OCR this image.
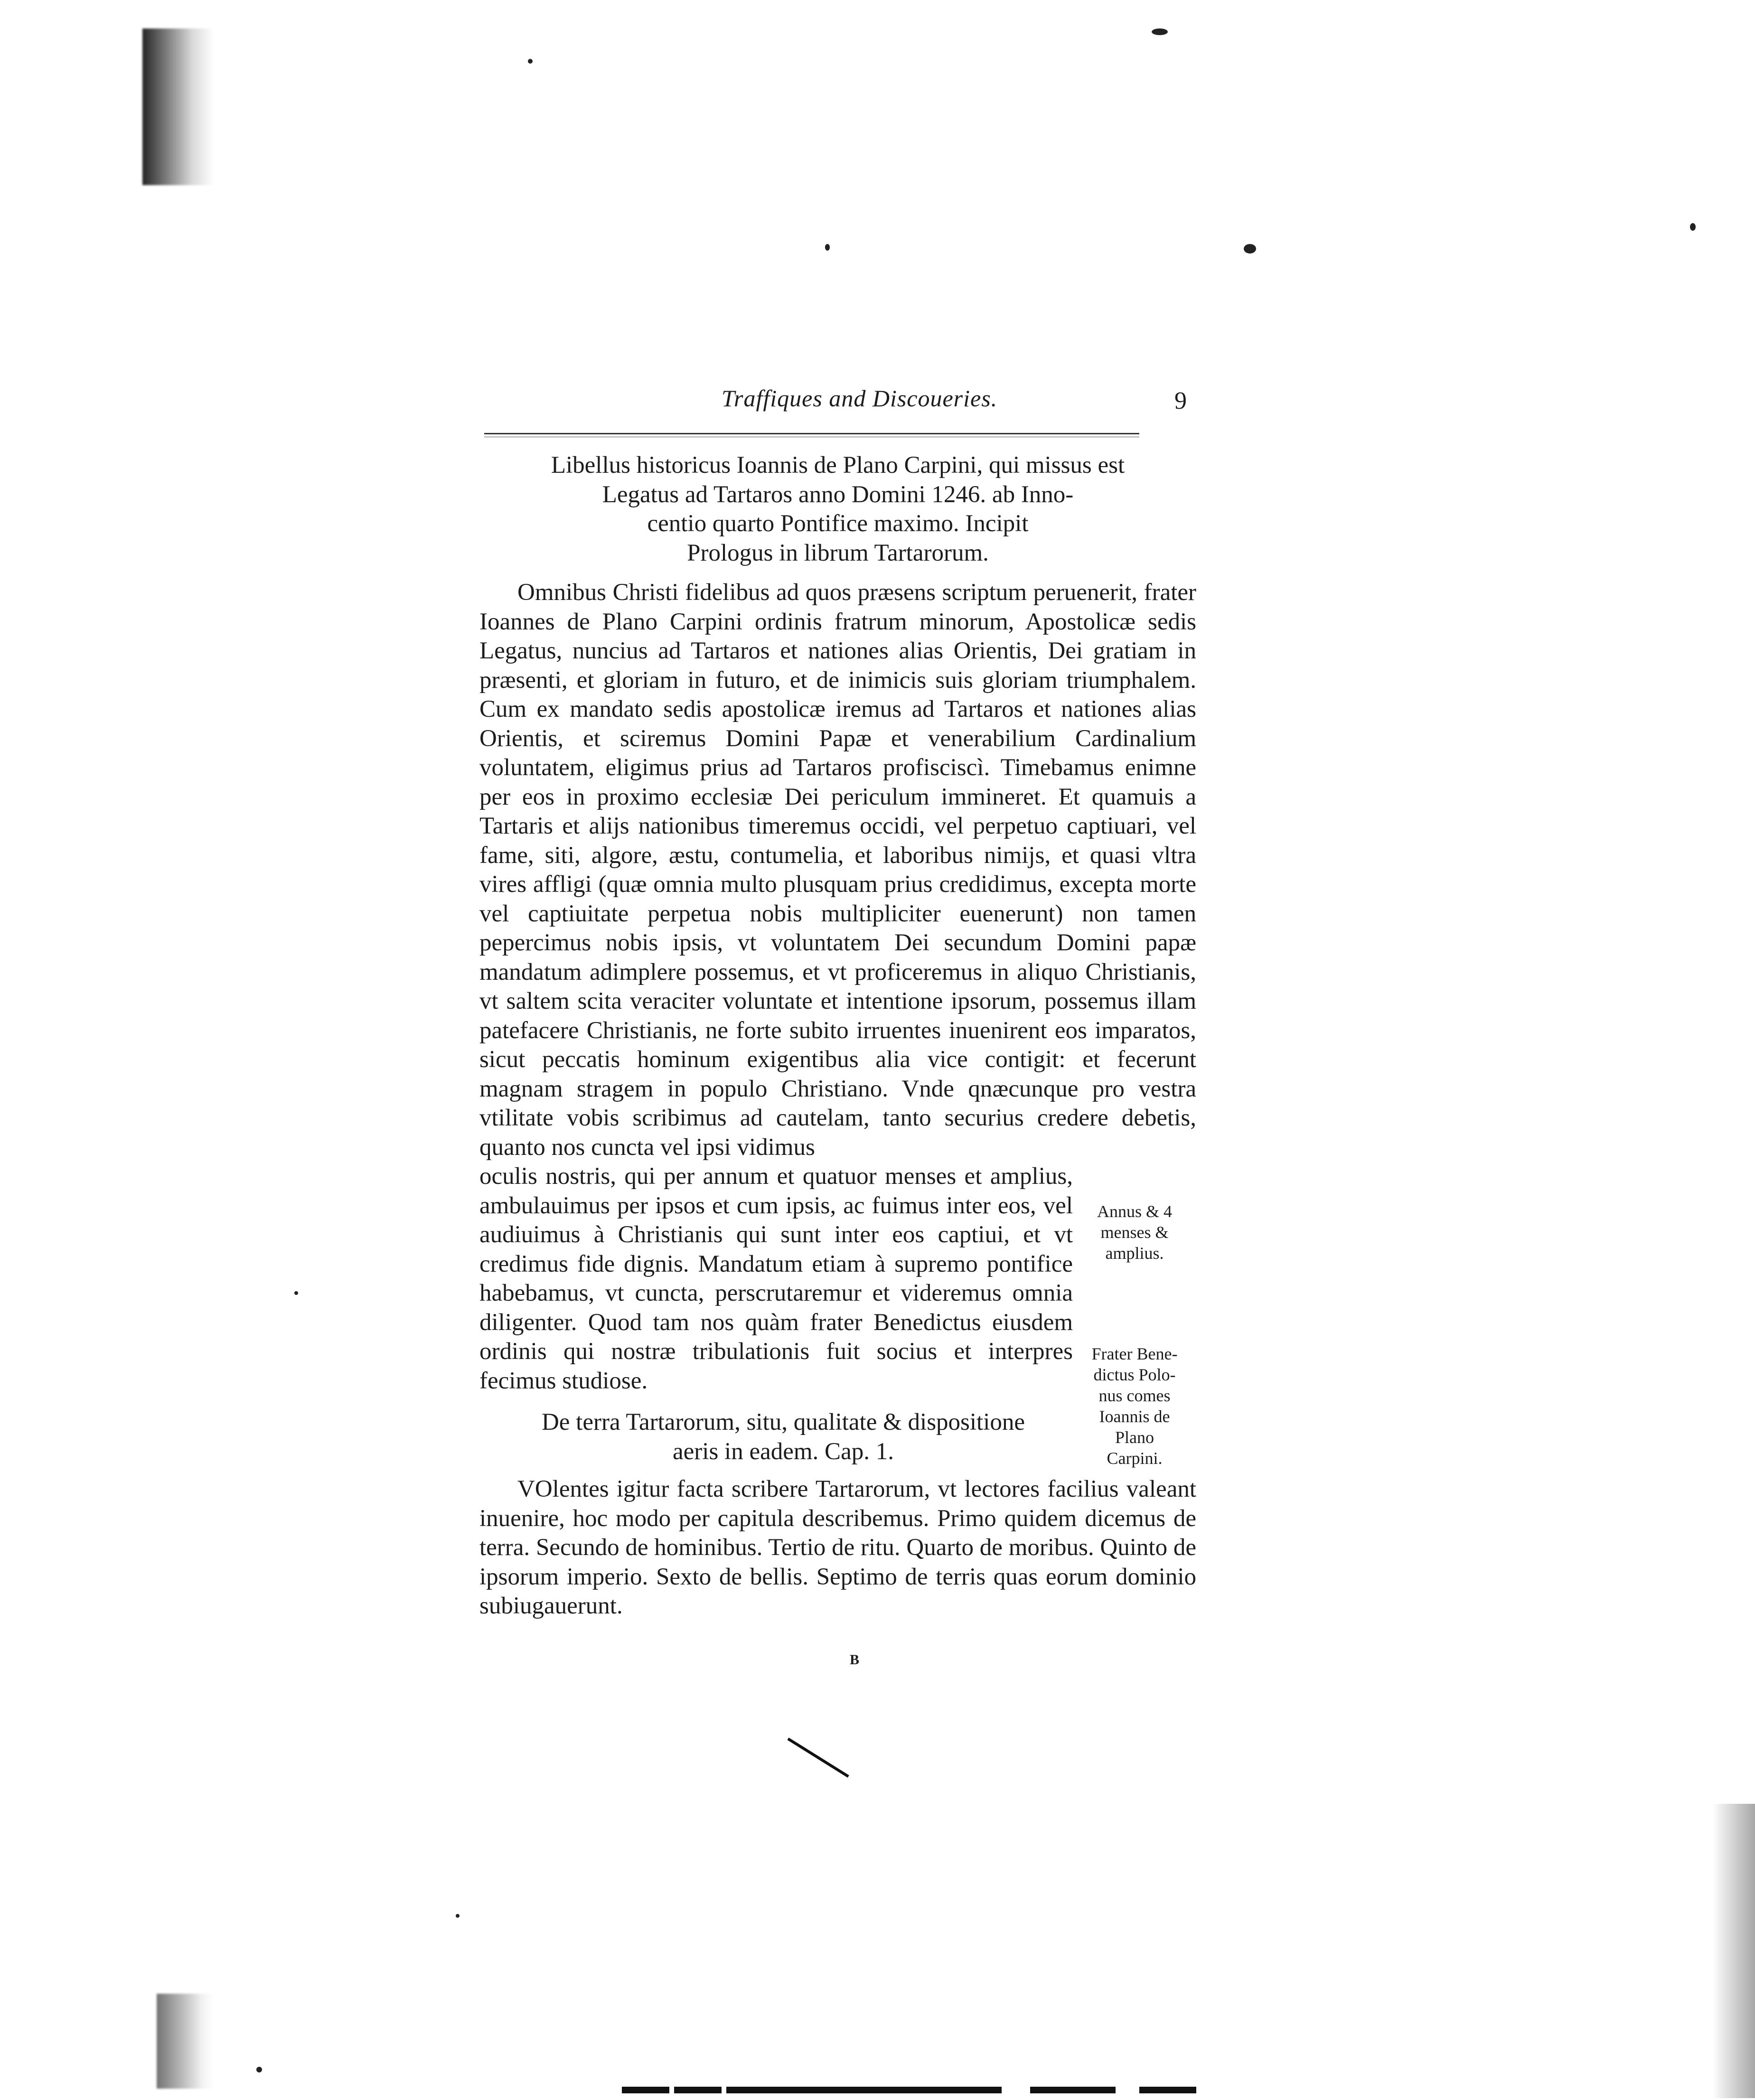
Traffiques and Discoueries.	9
Libellus historicus Ioannis de Plano Carpini, qui missus est
Legatus ad Tartaros anno Domini 1246. ab Inno-
centio quarto Pontifice maximo. Incipit
Prologus in librum Tartarorum.

Omnibus Christi fidelibus ad quos præsens scriptum peruenerit, frater Ioannes de Plano Carpini ordinis fratrum minorum, Apostolicæ sedis Legatus, nuncius ad Tartaros et nationes alias Orientis, Dei gratiam in præsenti, et gloriam in futuro, et de inimicis suis gloriam triumphalem. Cum ex mandato sedis apostolicæ iremus ad Tartaros et nationes alias Orientis, et sciremus Domini Papæ et venerabilium Cardinalium voluntatem, eligimus prius ad Tartaros profisciscì. Timebamus enimne per eos in proximo ecclesiæ Dei periculum immineret. Et quamuis a Tartaris et alijs nationibus timeremus occidi, vel perpetuo captiuari, vel fame, siti, algore, æstu, contumelia, et laboribus nimijs, et quasi vltra vires affligi (quæ omnia multo plusquam prius credidimus, excepta morte vel captiuitate perpetua nobis multipliciter euenerunt) non tamen pepercimus nobis ipsis, vt voluntatem Dei secundum Domini papæ mandatum adimplere possemus, et vt proficeremus in aliquo Christianis, vt saltem scita veraciter voluntate et intentione ipsorum, possemus illam patefacere Christianis, ne forte subito irruentes inuenirent eos imparatos, sicut peccatis hominum exigentibus alia vice contigit: et fecerunt magnam stragem in populo Christiano. Vnde qnæcunque pro vestra vtilitate vobis scribimus ad cautelam, tanto securius credere debetis, quanto nos cuncta vel ipsi vidimus

oculis nostris, qui per annum et quatuor menses et amplius, ambulauimus per ipsos et cum ipsis, ac fuimus inter eos, vel audiuimus à Christianis qui sunt inter eos captiui, et vt credimus fide dignis. Mandatum etiam à supremo pontifice habebamus, vt cuncta, perscrutaremur et videremus omnia diligenter. Quod tam nos quàm frater Benedictus eiusdem ordinis qui nostræ tribulationis fuit socius et interpres fecimus studiose.

De terra Tartarorum, situ, qualitate & dispositione
aeris in eadem. Cap. 1.

VOlentes igitur facta scribere Tartarorum, vt lectores facilius valeant inuenire, hoc modo per capitula describemus. Primo quidem dicemus de terra. Secundo de hominibus. Tertio de ritu. Quarto de moribus. Quinto de ipsorum imperio. Sexto de bellis. Septimo de terris quas eorum dominio subiugauerunt.

Annus & 4
menses &
amplius.
Frater Bene-
dictus Polo-
nus comes
Ioannis de
Plano
Carpini.
B
